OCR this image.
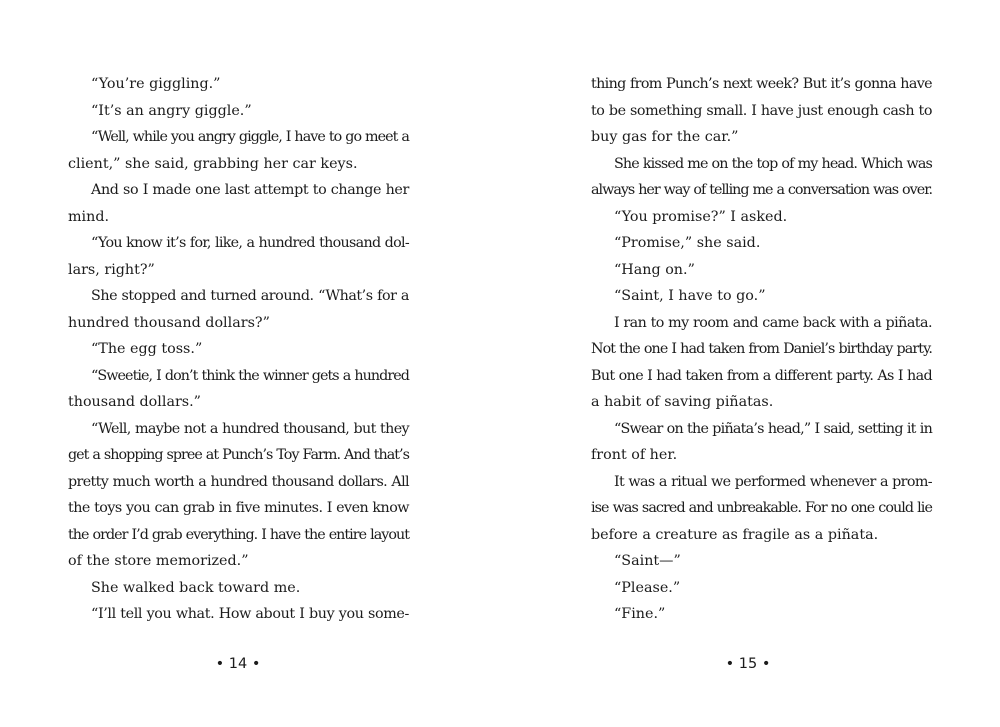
“You’re giggling.”
“It’s an angry giggle.”
“Well, while you angry giggle, I have to go meet a
client,” she said, grabbing her car keys.
And so I made one last attempt to change her
mind.
“You know it’s for, like, a hundred thousand dol-
lars, right?”
She stopped and turned around. “What’s for a
hundred thousand dollars?”
“The egg toss.”
“Sweetie, I don’t think the winner gets a hundred
thousand dollars.”
“Well, maybe not a hundred thousand, but they
get a shopping spree at Punch’s Toy Farm. And that’s
pretty much worth a hundred thousand dollars. All
the toys you can grab in five minutes. I even know
the order I’d grab everything. I have the entire layout
of the store memorized.”
She walked back toward me.
“I’ll tell you what. How about I buy you some-
• 14 •
thing from Punch’s next week? But it’s gonna have
to be something small. I have just enough cash to
buy gas for the car.”
She kissed me on the top of my head. Which was
always her way of telling me a conversation was over.
“You promise?” I asked.
“Promise,” she said.
“Hang on.”
“Saint, I have to go.”
I ran to my room and came back with a piñata.
Not the one I had taken from Daniel’s birthday party.
But one I had taken from a different party. As I had
a habit of saving piñatas.
“Swear on the piñata’s head,” I said, setting it in
front of her.
It was a ritual we performed whenever a prom-
ise was sacred and unbreakable. For no one could lie
before a creature as fragile as a piñata.
“Saint—”
“Please.”
“Fine.”
• 15 •
